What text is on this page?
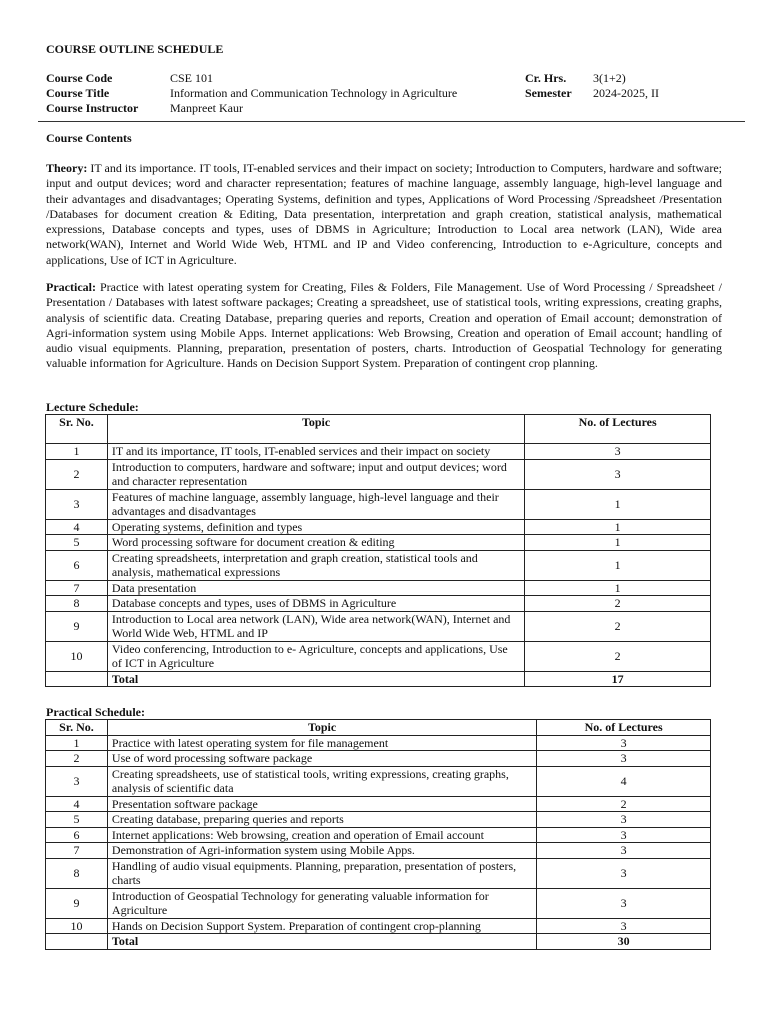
COURSE OUTLINE SCHEDULE
Course Code	CSE 101	Cr. Hrs.	3(1+2)
Course Title	Information and Communication Technology in Agriculture	Semester	2024-2025, II
Course Instructor	Manpreet Kaur
Course Contents
Theory: IT and its importance. IT tools, IT-enabled services and their impact on society; Introduction to Computers, hardware and software; input and output devices; word and character representation; features of machine language, assembly language, high-level language and their advantages and disadvantages; Operating Systems, definition and types, Applications of Word Processing /Spreadsheet /Presentation /Databases for document creation & Editing, Data presentation, interpretation and graph creation, statistical analysis, mathematical expressions, Database concepts and types, uses of DBMS in Agriculture; Introduction to Local area network (LAN), Wide area network(WAN), Internet and World Wide Web, HTML and IP and Video conferencing, Introduction to e-Agriculture, concepts and applications, Use of ICT in Agriculture.
Practical: Practice with latest operating system for Creating, Files & Folders, File Management. Use of Word Processing / Spreadsheet / Presentation / Databases with latest software packages; Creating a spreadsheet, use of statistical tools, writing expressions, creating graphs, analysis of scientific data. Creating Database, preparing queries and reports, Creation and operation of Email account; demonstration of Agri-information system using Mobile Apps. Internet applications: Web Browsing, Creation and operation of Email account; handling of audio visual equipments. Planning, preparation, presentation of posters, charts. Introduction of Geospatial Technology for generating valuable information for Agriculture. Hands on Decision Support System. Preparation of contingent crop planning.
Lecture Schedule:
Sr. No.	Topic	No. of Lectures
1	IT and its importance, IT tools, IT-enabled services and their impact on society	3
2	Introduction to computers, hardware and software; input and output devices; word and character representation	3
3	Features of machine language, assembly language, high-level language and their advantages and disadvantages	1
4	Operating systems, definition and types	1
5	Word processing software for document creation & editing	1
6	Creating spreadsheets, interpretation and graph creation, statistical tools and analysis, mathematical expressions	1
7	Data presentation	1
8	Database concepts and types, uses of DBMS in Agriculture	2
9	Introduction to Local area network (LAN), Wide area network(WAN), Internet and World Wide Web, HTML and IP	2
10	Video conferencing, Introduction to e- Agriculture, concepts and applications, Use of ICT in Agriculture	2
	Total	17
Practical Schedule:
Sr. No.	Topic	No. of Lectures
1	Practice with latest operating system for file management	3
2	Use of word processing software package	3
3	Creating spreadsheets, use of statistical tools, writing expressions, creating graphs, analysis of scientific data	4
4	Presentation software package	2
5	Creating database, preparing queries and reports	3
6	Internet applications: Web browsing, creation and operation of Email account	3
7	Demonstration of Agri-information system using Mobile Apps.	3
8	Handling of audio visual equipments. Planning, preparation, presentation of posters, charts	3
9	Introduction of Geospatial Technology for generating valuable information for Agriculture	3
10	Hands on Decision Support System. Preparation of contingent crop-planning	3
	Total	30
